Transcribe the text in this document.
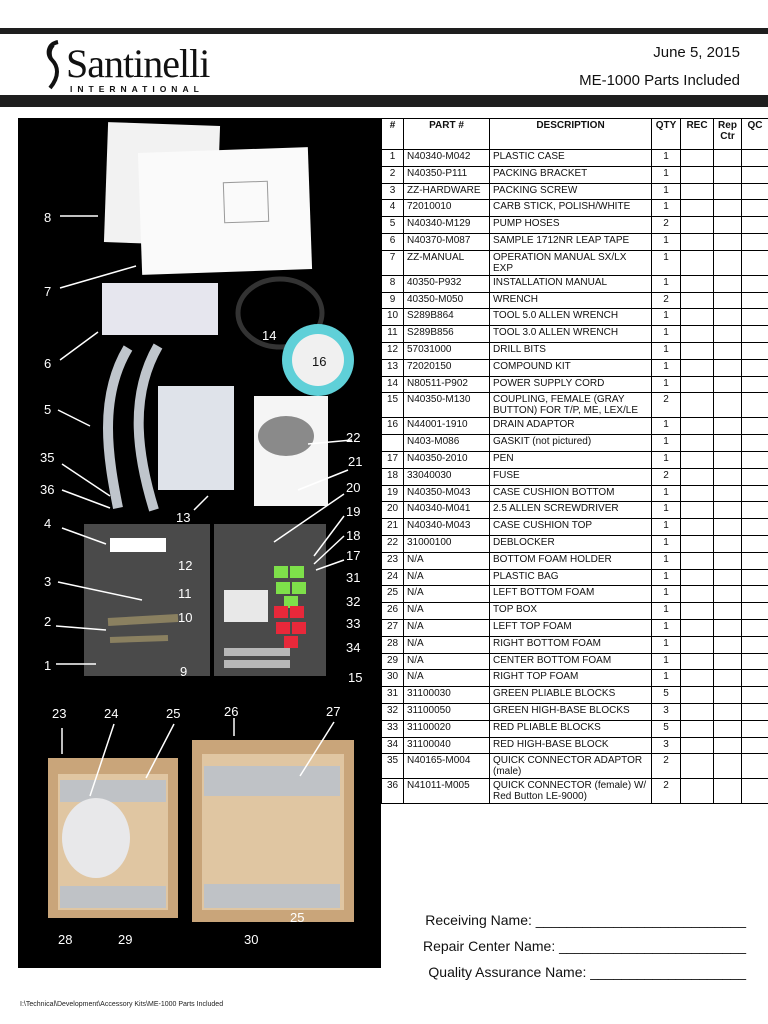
Santinelli
INTERNATIONAL
June 5, 2015
ME-1000 Parts Included
8
7
6
5
35
36
4
3
2
1
14
16
13
22
21
20
19
18
17
12
31
11
32
10	33
34
9	15
23	24	25	26	27
28	29	30
25
#	PART #	DESCRIPTION	QTY	REC	Rep Ctr	QC
1	N40340-M042	PLASTIC CASE	1			
2	N40350-P111	PACKING BRACKET	1			
3	ZZ-HARDWARE	PACKING SCREW	1			
4	72010010	CARB STICK, POLISH/WHITE	1			
5	N40340-M129	PUMP HOSES	2			
6	N40370-M087	SAMPLE 1712NR LEAP TAPE	1			
7	ZZ-MANUAL	OPERATION MANUAL SX/LX EXP	1			
8	40350-P932	INSTALLATION MANUAL	1			
9	40350-M050	WRENCH	2			
10	S289B864	TOOL 5.0 ALLEN WRENCH	1			
11	S289B856	TOOL 3.0 ALLEN WRENCH	1			
12	57031000	DRILL BITS	1			
13	72020150	COMPOUND KIT	1			
14	N80511-P902	POWER SUPPLY CORD	1			
15	N40350-M130	COUPLING, FEMALE (GRAY BUTTON) FOR T/P, ME, LEX/LE	2			
16	N44001-1910	DRAIN ADAPTOR	1			
	N403-M086	GASKIT (not pictured)	1			
17	N40350-2010	PEN	1			
18	33040030	FUSE	2			
19	N40350-M043	CASE CUSHION BOTTOM	1			
20	N40340-M041	2.5 ALLEN SCREWDRIVER	1			
21	N40340-M043	CASE CUSHION TOP	1			
22	31000100	DEBLOCKER	1			
23	N/A	BOTTOM FOAM HOLDER	1			
24	N/A	PLASTIC BAG	1			
25	N/A	LEFT BOTTOM FOAM	1			
26	N/A	TOP BOX	1			
27	N/A	LEFT TOP FOAM	1			
28	N/A	RIGHT BOTTOM FOAM	1			
29	N/A	CENTER BOTTOM FOAM	1			
30	N/A	RIGHT TOP FOAM	1			
31	31100030	GREEN PLIABLE BLOCKS	5			
32	31100050	GREEN HIGH-BASE BLOCKS	3			
33	31100020	RED PLIABLE BLOCKS	5			
34	31100040	RED HIGH-BASE BLOCK	3			
35	N40165-M004	QUICK CONNECTOR ADAPTOR (male)	2			
36	N41011-M005	QUICK CONNECTOR (female) W/ Red Button LE-9000)	2			
Receiving Name: ___________________________
Repair Center Name: ________________________
Quality Assurance Name: ____________________
I:\Technical\Development\Accessory Kits\ME-1000 Parts Included
